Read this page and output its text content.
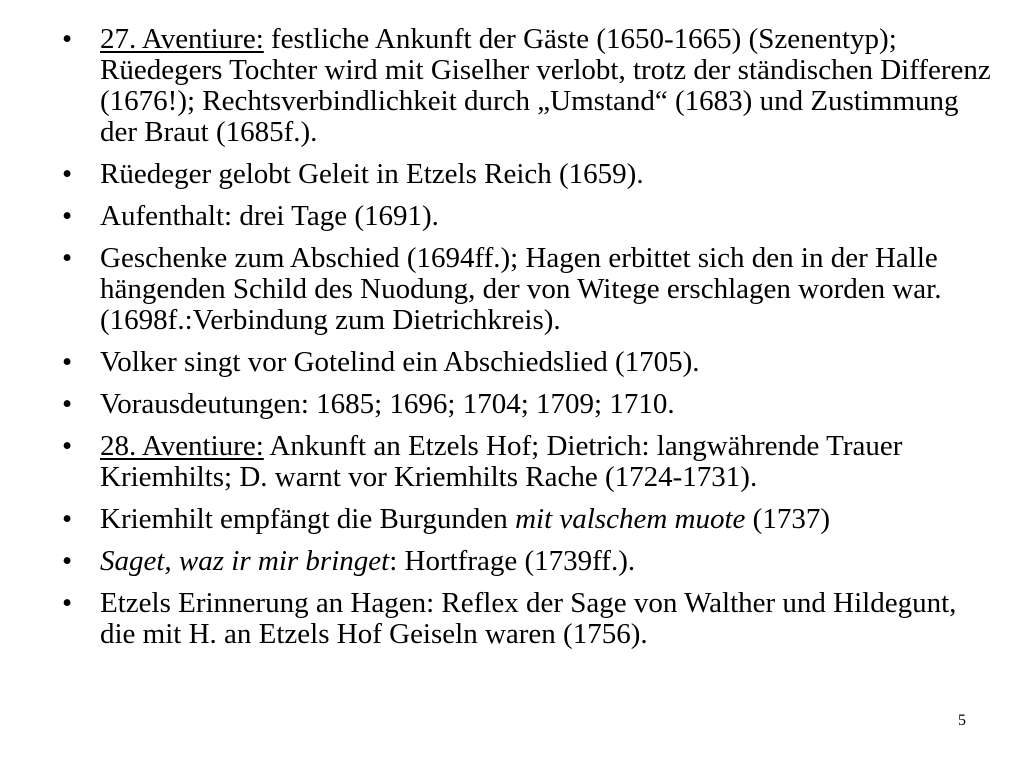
• 27. Aventiure: festliche Ankunft der Gäste (1650-1665) (Szenentyp); Rüedegers Tochter wird mit Giselher verlobt, trotz der ständischen Differenz (1676!); Rechtsverbindlichkeit durch „Umstand“ (1683) und Zustimmung der Braut (1685f.).
• Rüedeger gelobt Geleit in Etzels Reich (1659).
• Aufenthalt: drei Tage (1691).
• Geschenke zum Abschied (1694ff.); Hagen erbittet sich den in der Halle hängenden Schild des Nuodung, der von Witege erschlagen worden war. (1698f.:Verbindung zum Dietrichkreis).
• Volker singt vor Gotelind ein Abschiedslied (1705).
• Vorausdeutungen: 1685; 1696; 1704; 1709; 1710.
• 28. Aventiure: Ankunft an Etzels Hof; Dietrich: langwährende Trauer Kriemhilts; D. warnt vor Kriemhilts Rache (1724-1731).
• Kriemhilt empfängt die Burgunden mit valschem muote (1737)
• Saget, waz ir mir bringet: Hortfrage (1739ff.).
• Etzels Erinnerung an Hagen: Reflex der Sage von Walther und Hildegunt, die mit H. an Etzels Hof Geiseln waren (1756).
5
